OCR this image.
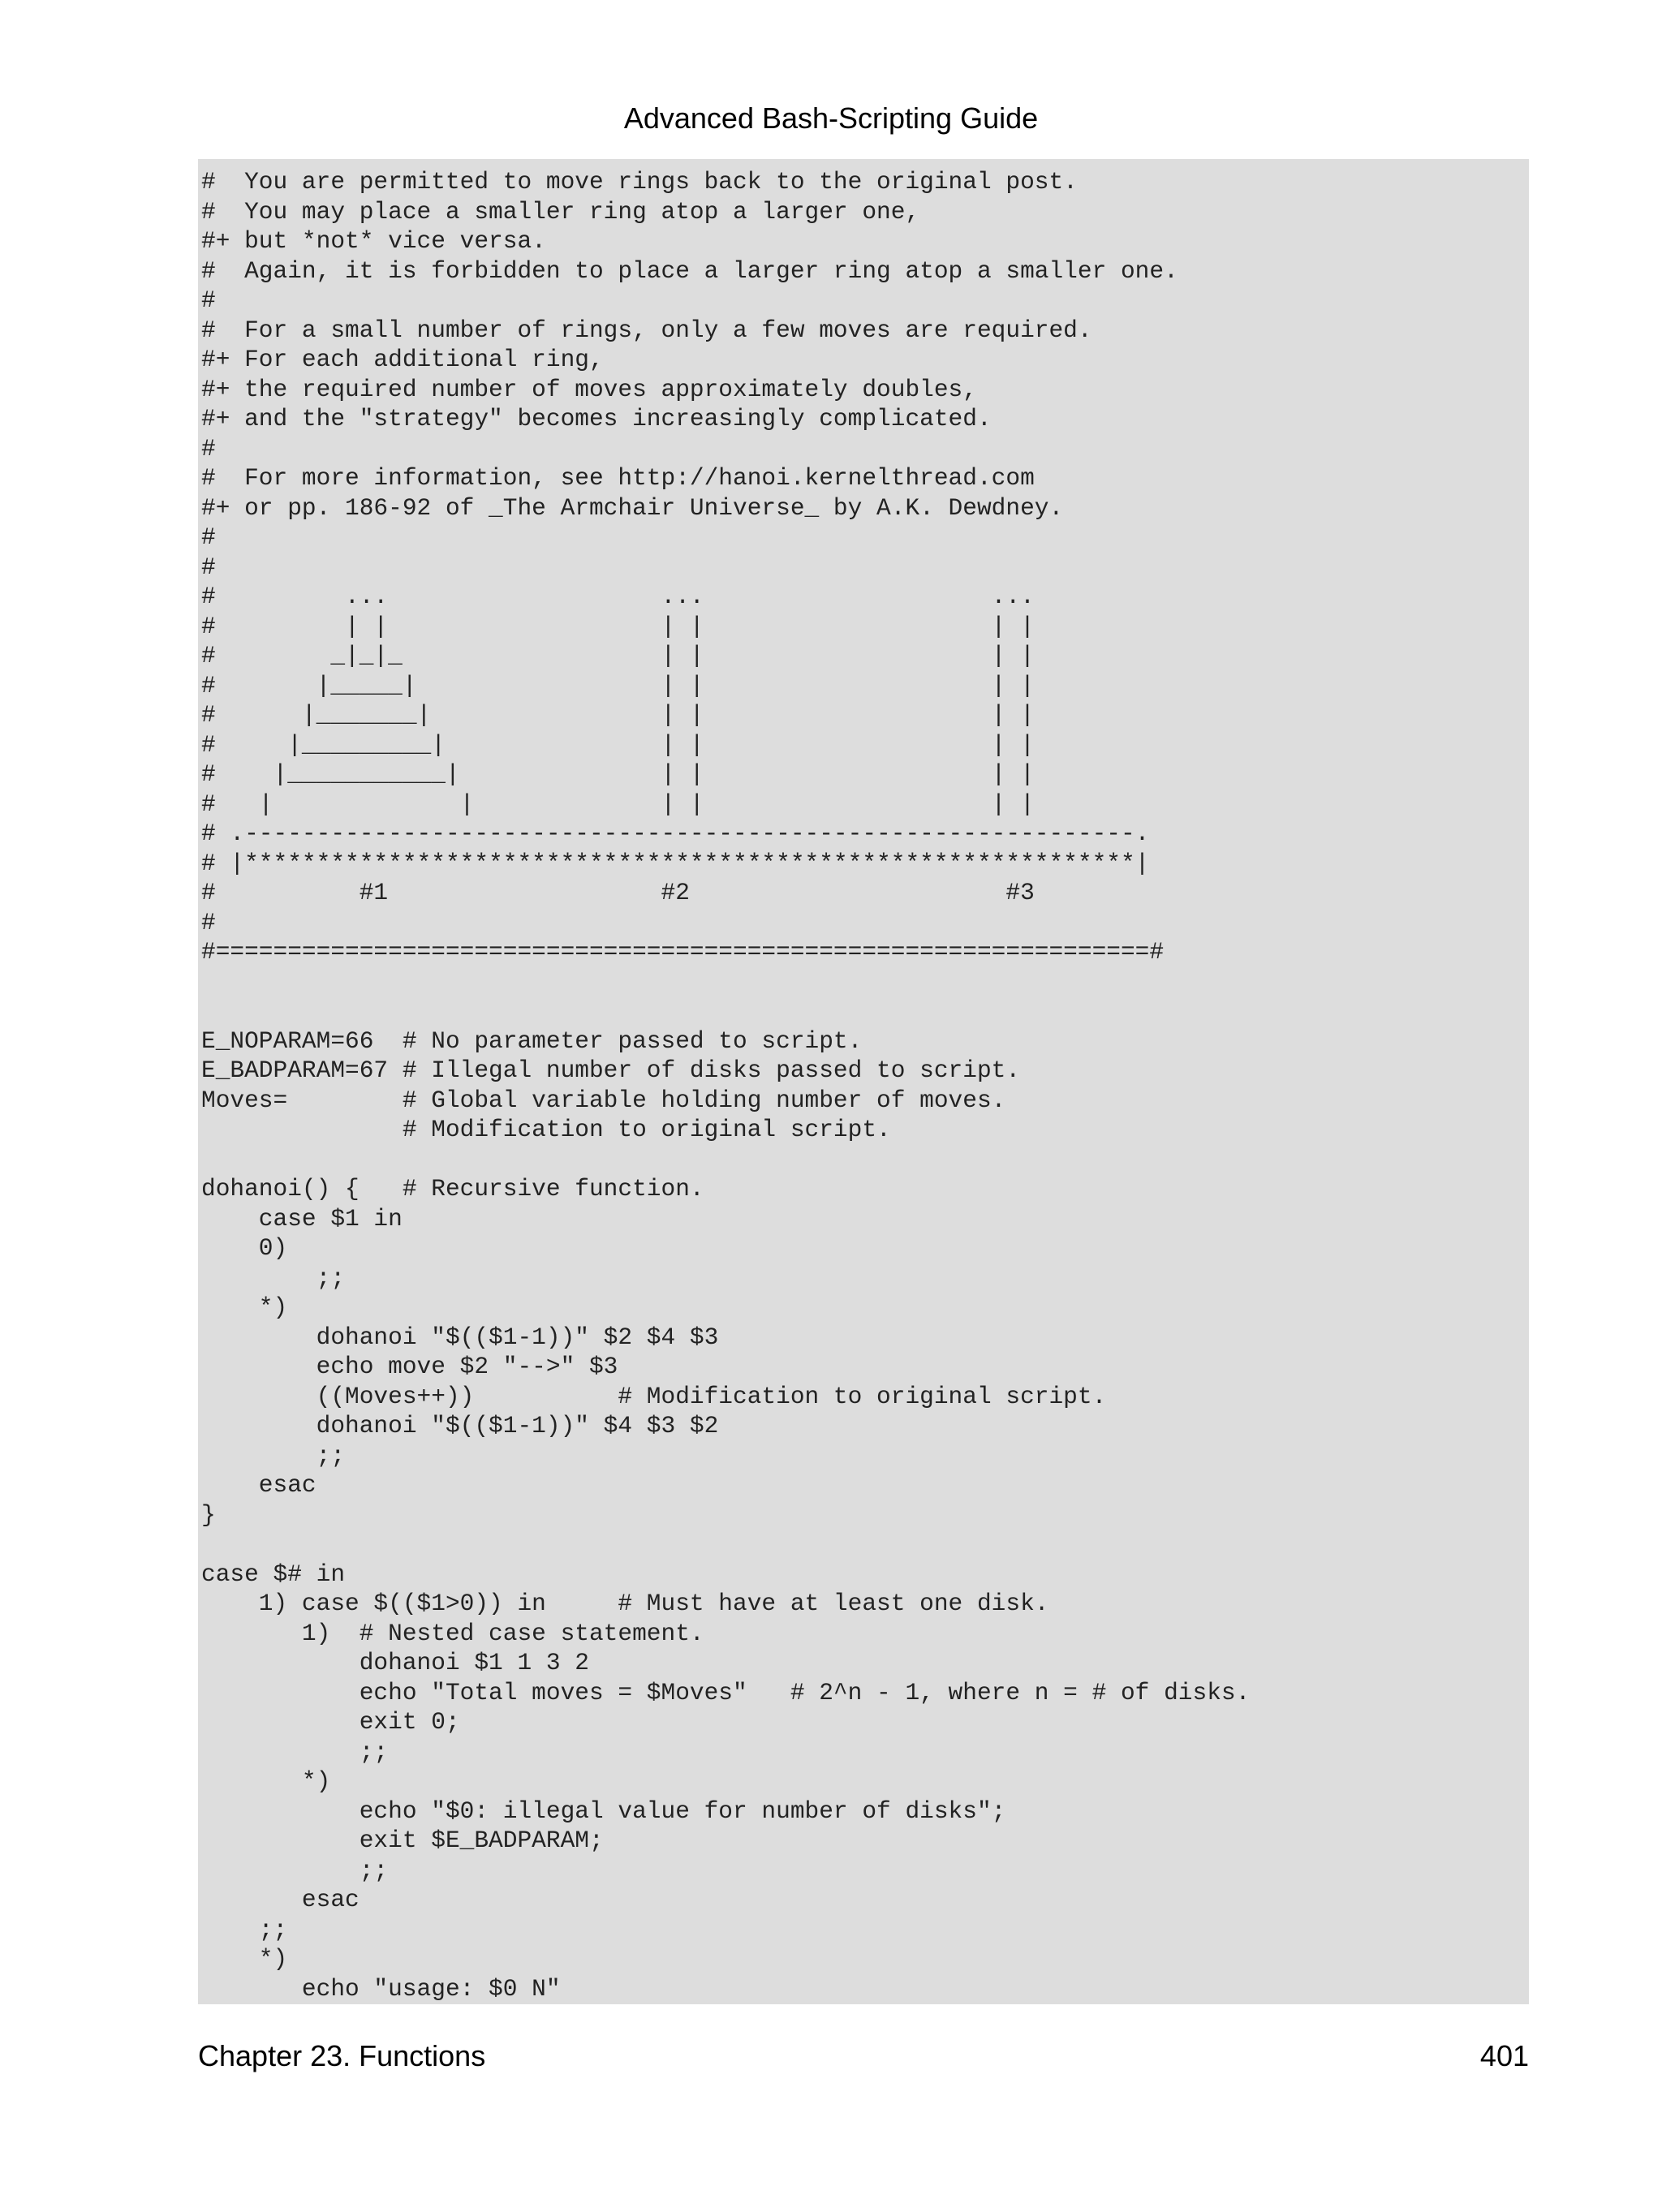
Advanced Bash-Scripting Guide
#  You are permitted to move rings back to the original post.
#  You may place a smaller ring atop a larger one,
#+ but *not* vice versa.
#  Again, it is forbidden to place a larger ring atop a smaller one.
#
#  For a small number of rings, only a few moves are required.
#+ For each additional ring,
#+ the required number of moves approximately doubles,
#+ and the "strategy" becomes increasingly complicated.
#
#  For more information, see http://hanoi.kernelthread.com
#+ or pp. 186-92 of _The Armchair Universe_ by A.K. Dewdney.
#
#
#         ...                   ...                    ...
#         | |                   | |                    | |
#        _|_|_                  | |                    | |
#       |_____|                 | |                    | |
#      |_______|                | |                    | |
#     |_________|               | |                    | |
#    |___________|              | |                    | |
#   |             |             | |                    | |
# .--------------------------------------------------------------.
# |**************************************************************|
#          #1                   #2                      #3
#
#=================================================================#
E_NOPARAM=66  # No parameter passed to script.
E_BADPARAM=67 # Illegal number of disks passed to script.
Moves=        # Global variable holding number of moves.
# Modification to original script.
dohanoi() {   # Recursive function.
case $1 in
0)
;;
*)
dohanoi "$(($1-1))" $2 $4 $3
echo move $2 "-->" $3
((Moves++))          # Modification to original script.
dohanoi "$(($1-1))" $4 $3 $2
;;
esac
}
case $# in
1) case $(($1>0)) in     # Must have at least one disk.
1)  # Nested case statement.
dohanoi $1 1 3 2
echo "Total moves = $Moves"   # 2^n - 1, where n = # of disks.
exit 0;
;;
*)
echo "$0: illegal value for number of disks";
exit $E_BADPARAM;
;;
esac
;;
*)
echo "usage: $0 N"
Chapter 23. Functions	401
